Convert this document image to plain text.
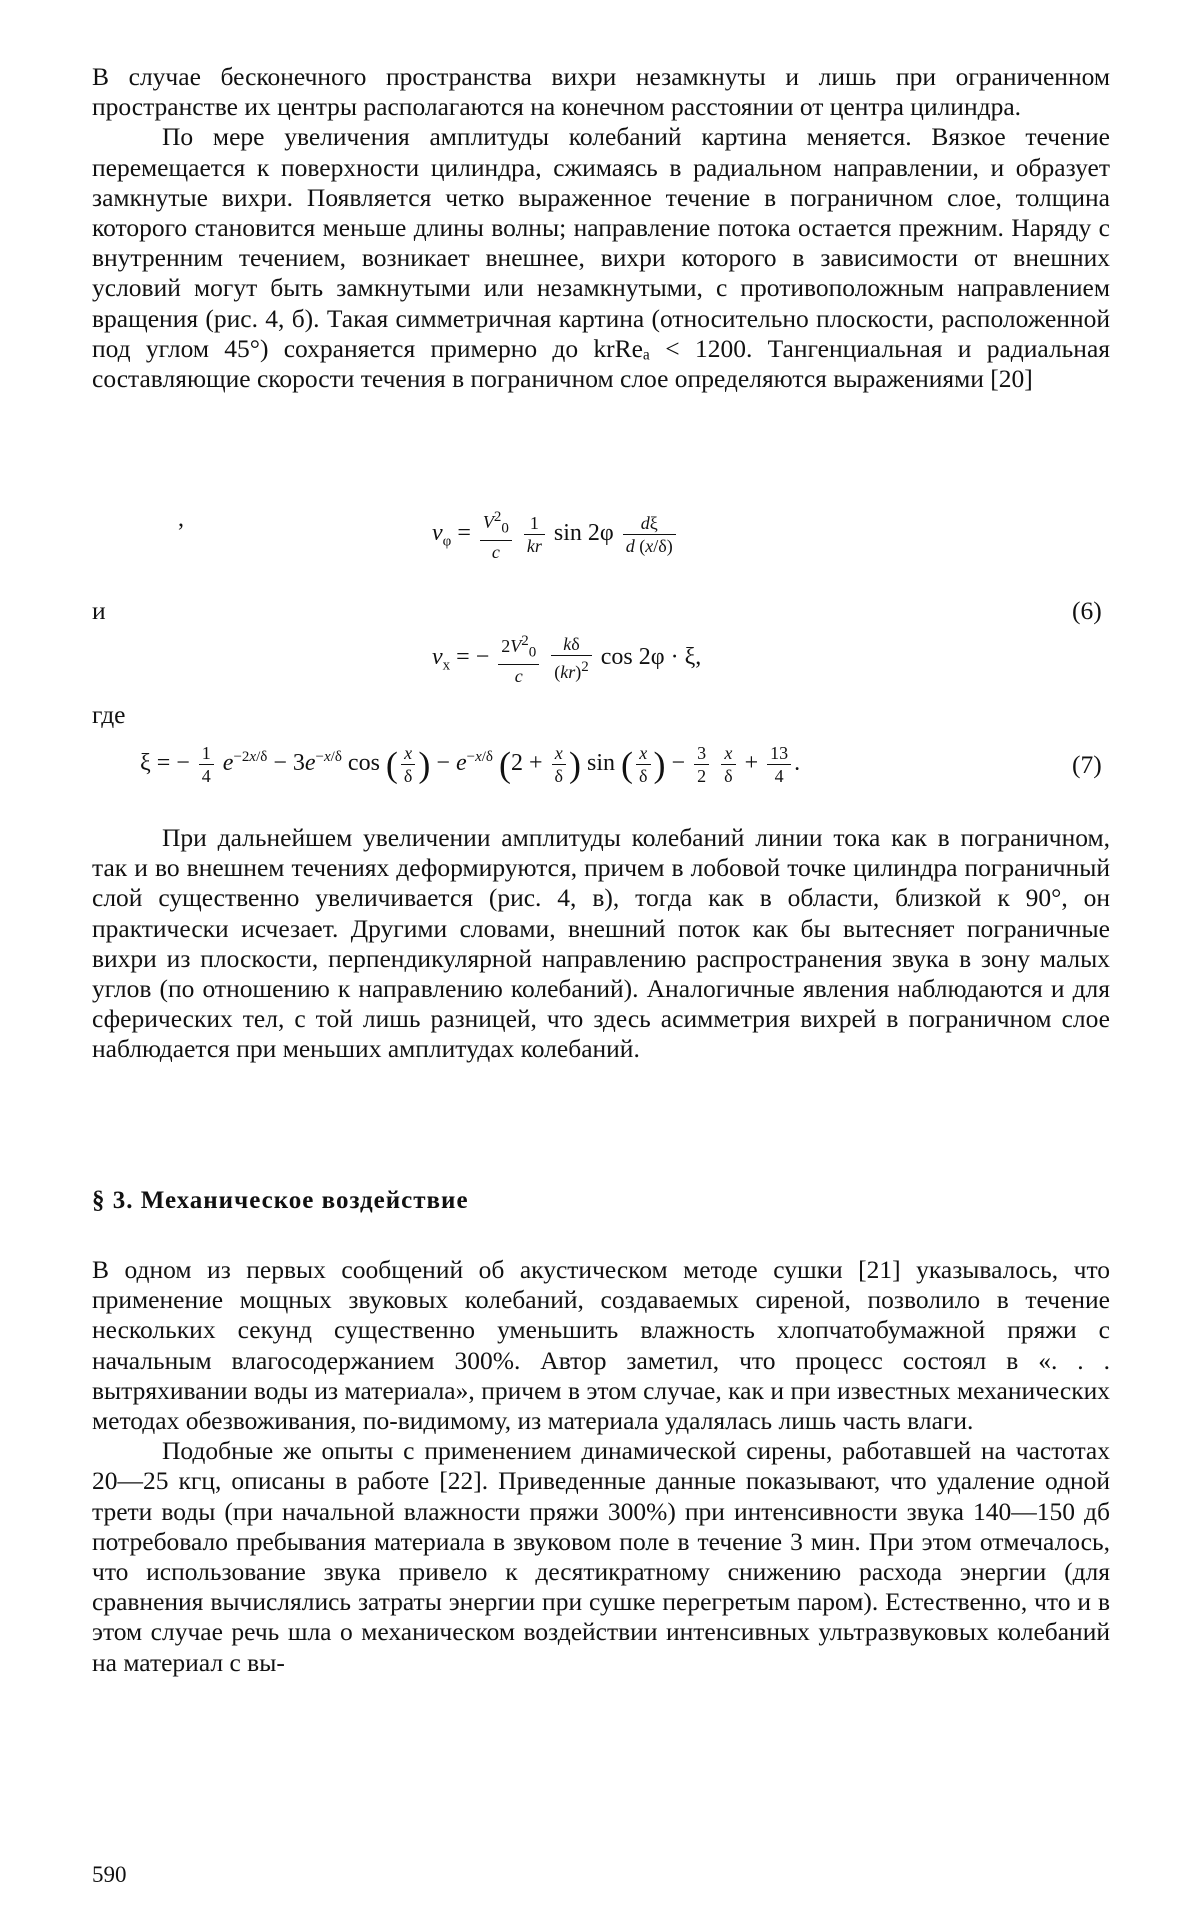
В случае бесконечного пространства вихри незамкнуты и лишь при ограниченном пространстве их центры располагаются на конечном расстоянии от центра цилиндра.

По мере увеличения амплитуды колебаний картина меняется. Вязкое течение перемещается к поверхности цилиндра, сжимаясь в радиальном направлении, и образует замкнутые вихри. Появляется четко выраженное течение в пограничном слое, толщина которого становится меньше длины волны; направление потока остается прежним. Наряду с внутренним течением, возникает внешнее, вихри которого в зависимости от внешних условий могут быть замкнутыми или незамкнутыми, с противоположным направлением вращения (рис. 4, б). Такая симметричная картина (относительно плоскости, расположенной под углом 45°) сохраняется примерно до krReₐ < 1200. Тангенциальная и радиальная составляющие скорости течения в пограничном слое определяются выражениями [20]

,
$v_\varphi = \frac{V^2_0}{c}$
$\frac{1}{kr}$ $\sin 2\varphi \frac{d\xi}{d (x/\delta)}$
и	(6)
$v_x$ = − $\frac{2V^2_0}{c}$
$\frac{k\delta}{(kr)^2}$ cos 2φ · ξ,
где
ξ = − $\frac{1}{4} e^{-2x/\delta} - 3e^{-x/\delta}$ cos ( $\frac{x}{\delta}$ ) − $e^{-x/\delta}$ ($2 + \frac{x}{\delta}$ ) sin ( $\frac{x}{\delta}$ ) − $\frac{3}{2}$
$\frac{x}{\delta} + \frac{13}{4}$ .	(7)

При дальнейшем увеличении амплитуды колебаний линии тока как в пограничном, так и во внешнем течениях деформируются, причем в лобовой точке цилиндра пограничный слой существенно увеличивается (рис. 4, в), тогда как в области, близкой к 90°, он практически исчезает. Другими словами, внешний поток как бы вытесняет пограничные вихри из плоскости, перпендикулярной направлению распространения звука в зону малых углов (по отношению к направлению колебаний). Аналогичные явления наблюдаются и для сферических тел, с той лишь разницей, что здесь асимметрия вихрей в пограничном слое наблюдается при меньших амплитудах колебаний.

§ 3. Механическое воздействие

В одном из первых сообщений об акустическом методе сушки [21] указывалось, что применение мощных звуковых колебаний, создаваемых сиреной, позволило в течение нескольких секунд существенно уменьшить влажность хлопчатобумажной пряжи с начальным влагосодержанием 300%. Автор заметил, что процесс состоял в «. . . вытряхивании воды из материала», причем в этом случае, как и при известных механических методах обезвоживания, по-видимому, из материала удалялась лишь часть влаги.

Подобные же опыты с применением динамической сирены, работавшей на частотах 20—25 кгц, описаны в работе [22]. Приведенные данные показывают, что удаление одной трети воды (при начальной влажности пряжи 300%) при интенсивности звука 140—150 дб потребовало пребывания материала в звуковом поле в течение 3 мин. При этом отмечалось, что использование звука привело к десятикратному снижению расхода энергии (для сравнения вычислялись затраты энергии при сушке перегретым паром). Естественно, что и в этом случае речь шла о механическом воздействии интенсивных ультразвуковых колебаний на материал с вы-

590
